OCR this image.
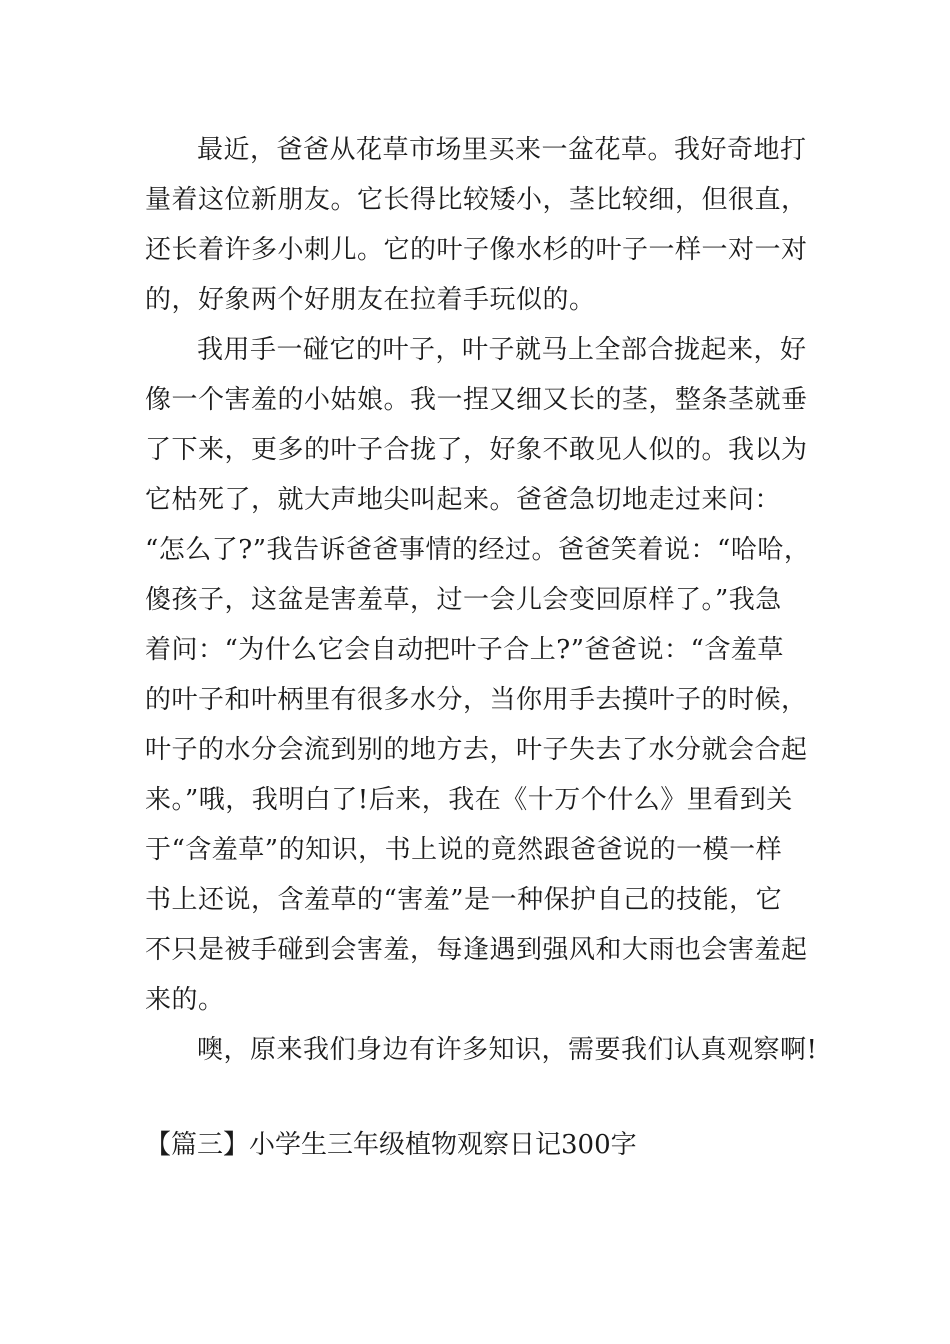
最近，爸爸从花草市场里买来一盆花草。我好奇地打
量着这位新朋友。它长得比较矮小，茎比较细，但很直，
还长着许多小刺儿。它的叶子像水杉的叶子一样一对一对
的，好象两个好朋友在拉着手玩似的。
我用手一碰它的叶子，叶子就马上全部合拢起来，好
像一个害羞的小姑娘。我一捏又细又长的茎，整条茎就垂
了下来，更多的叶子合拢了，好象不敢见人似的。我以为
它枯死了，就大声地尖叫起来。爸爸急切地走过来问：
“怎么了?”我告诉爸爸事情的经过。爸爸笑着说：“哈哈，
傻孩子，这盆是害羞草，过一会儿会变回原样了。”我急
着问：“为什么它会自动把叶子合上?”爸爸说：“含羞草
的叶子和叶柄里有很多水分，当你用手去摸叶子的时候，
叶子的水分会流到别的地方去，叶子失去了水分就会合起
来。”哦，我明白了!后来，我在《十万个什么》里看到关
于“含羞草”的知识，书上说的竟然跟爸爸说的一模一样
书上还说，含羞草的“害羞”是一种保护自己的技能，它
不只是被手碰到会害羞，每逢遇到强风和大雨也会害羞起
来的。
噢，原来我们身边有许多知识，需要我们认真观察啊!
【篇三】小学生三年级植物观察日记300字
